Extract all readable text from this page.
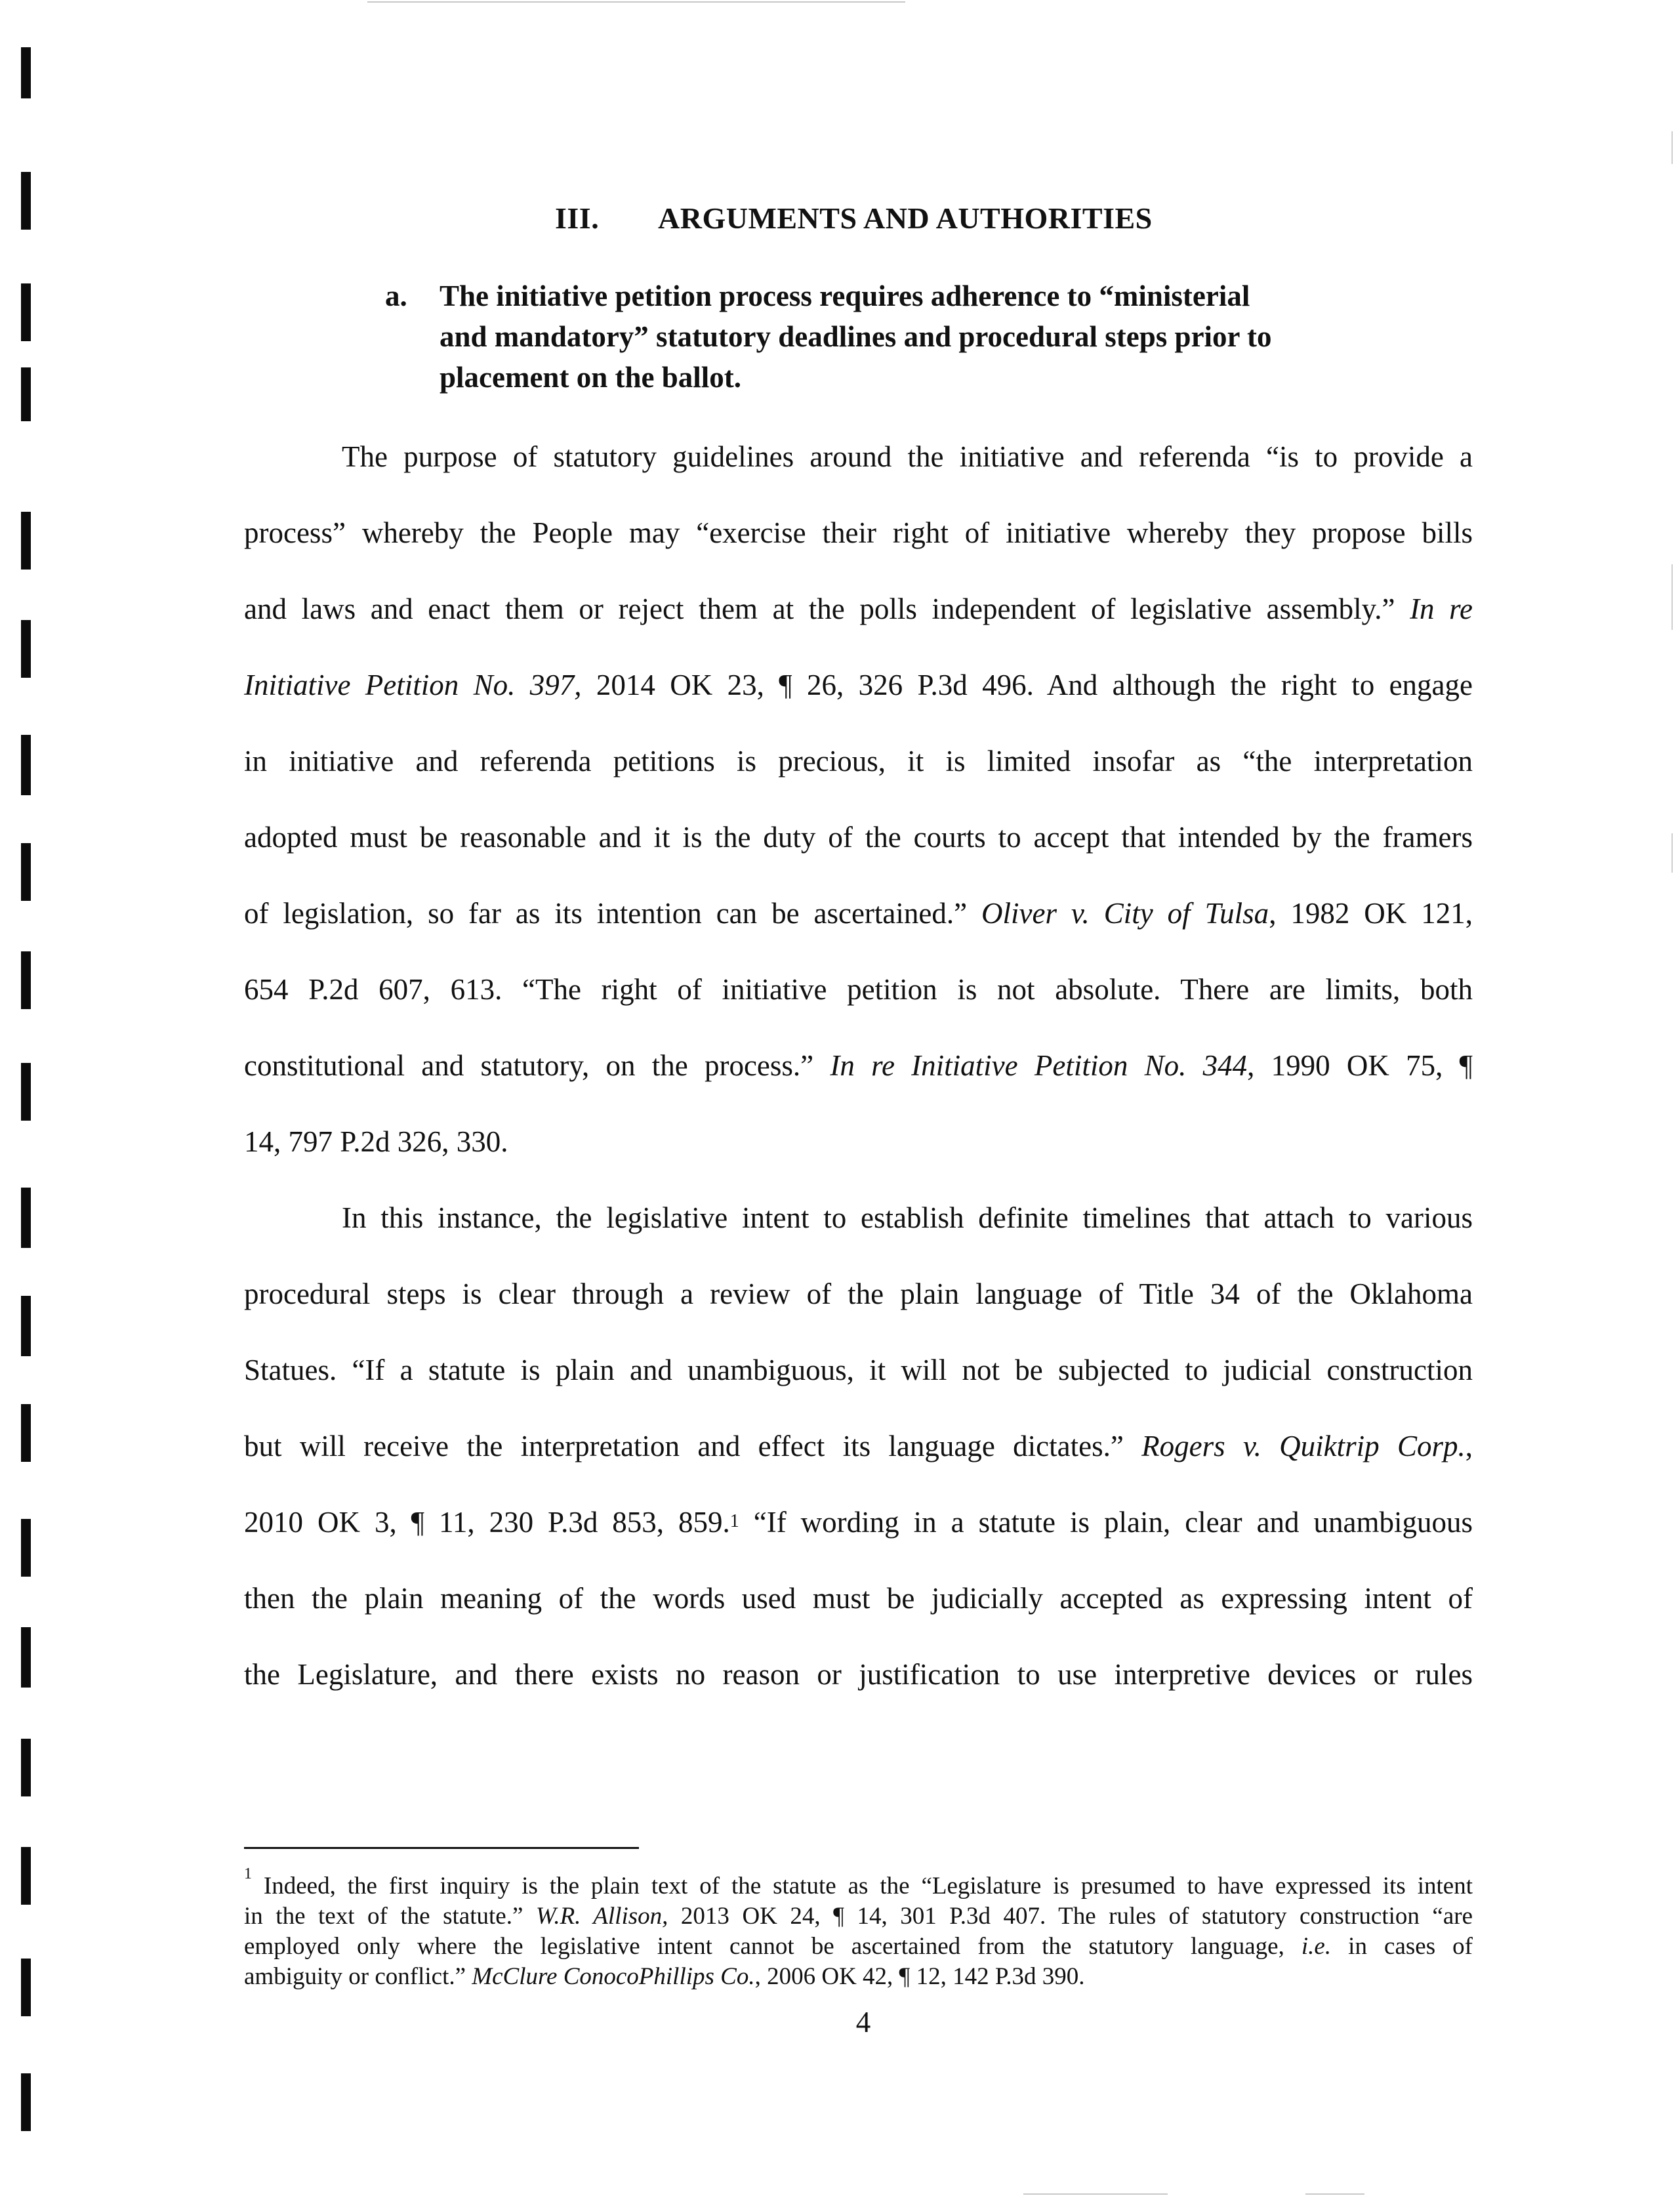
III. ARGUMENTS AND AUTHORITIES
a. The initiative petition process requires adherence to “ministerial
and mandatory” statutory deadlines and procedural steps prior to
placement on the ballot.
The purpose of statutory guidelines around the initiative and referenda “is to provide a
process” whereby the People may “exercise their right of initiative whereby they propose bills
and laws and enact them or reject them at the polls independent of legislative assembly.” In re
Initiative Petition No. 397, 2014 OK 23, ¶ 26, 326 P.3d 496. And although the right to engage
in initiative and referenda petitions is precious, it is limited insofar as “the interpretation
adopted must be reasonable and it is the duty of the courts to accept that intended by the framers
of legislation, so far as its intention can be ascertained.” Oliver v. City of Tulsa, 1982 OK 121,
654 P.2d 607, 613. “The right of initiative petition is not absolute. There are limits, both
constitutional and statutory, on the process.” In re Initiative Petition No. 344, 1990 OK 75, ¶
14, 797 P.2d 326, 330.
In this instance, the legislative intent to establish definite timelines that attach to various
procedural steps is clear through a review of the plain language of Title 34 of the Oklahoma
Statues. “If a statute is plain and unambiguous, it will not be subjected to judicial construction
but will receive the interpretation and effect its language dictates.” Rogers v. Quiktrip Corp.,
2010 OK 3, ¶ 11, 230 P.3d 853, 859.$^1$ “If wording in a statute is plain, clear and unambiguous
then the plain meaning of the words used must be judicially accepted as expressing intent of
the Legislature, and there exists no reason or justification to use interpretive devices or rules
$^1$ Indeed, the first inquiry is the plain text of the statute as the “Legislature is presumed to have expressed its intent
in the text of the statute.” W.R. Allison, 2013 OK 24, ¶ 14, 301 P.3d 407. The rules of statutory construction “are
employed only where the legislative intent cannot be ascertained from the statutory language, i.e. in cases of
ambiguity or conflict.” McClure ConocoPhillips Co., 2006 OK 42, ¶ 12, 142 P.3d 390.
4
